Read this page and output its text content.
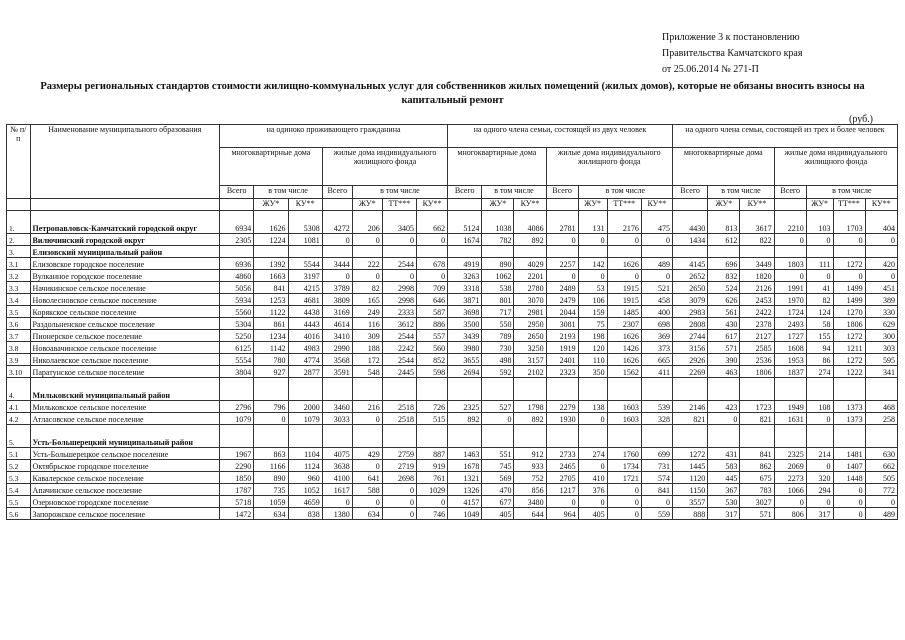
Приложение 3 к постановлению
Правительства Камчатского края
от 25.06.2014 № 271-П
Размеры региональных стандартов стоимости жилищно-коммунальных услуг для собственников жилых помещений (жилых домов), которые не обязаны вносить взносы на капитальный ремонт
(руб.)
№ п/п	Наименование муниципального образования	на одиноко проживающего гражданина							на одного члена семьи, состоящей из двух человек							на одного члена семьи, состоящей из трех и более человек						
		многоквартирные дома			жилые дома индивидуального жилищного фонда				многоквартирные дома			жилые дома индивидуального жилищного фонда				многоквартирные дома			жилые дома индивидуального жилищного фонда			
		Всего	в том числе		Всего	в том числе			Всего	в том числе		Всего	в том числе			Всего	в том числе		Всего	в том числе		
			ЖУ*	КУ**		ЖУ*	ТТ***	КУ**		ЖУ*	КУ**		ЖУ*	ТТ***	КУ**		ЖУ*	КУ**		ЖУ*	ТТ***	КУ**
1.	Петропавловск-Камчатский городской округ	6934	1626	5308	4272	206	3405	662	5124	1038	4086	2781	131	2176	475	4430	813	3617	2210	103	1703	404
2.	Вилючинский городской округ	2305	1224	1081	0	0	0	0	1674	782	892	0	0	0	0	1434	612	822	0	0	0	0
3.	Елизовский муниципальный район																					
3.1	Елизовское городское поселение	6936	1392	5544	3444	222	2544	678	4919	890	4029	2257	142	1626	489	4145	696	3449	1803	111	1272	420
3.2	Вулканное городское поселение	4860	1663	3197	0	0	0	0	3263	1062	2201	0	0	0	0	2652	832	1820	0	0	0	0
3.3	Начикинское сельское поселение	5056	841	4215	3789	82	2998	709	3318	538	2780	2489	53	1915	521	2650	524	2126	1991	41	1499	451
3.4	Новолесновское сельское поселение	5934	1253	4681	3809	165	2998	646	3871	801	3070	2479	106	1915	458	3079	626	2453	1970	82	1499	389
3.5	Корякское сельское поселение	5560	1122	4438	3169	249	2333	587	3698	717	2981	2044	159	1485	400	2983	561	2422	1724	124	1270	330
3.6	Раздольненское сельское поселение	5304	861	4443	4614	116	3612	886	3500	550	2950	3081	75	2307	698	2808	430	2378	2493	58	1806	629
3.7	Пионерское сельское поселение	5250	1234	4016	3410	309	2544	557	3439	789	2650	2193	198	1626	369	2744	617	2127	1727	155	1272	300
3.8	Новоавачинское сельское поселение	6125	1142	4983	2990	188	2242	560	3980	730	3250	1919	120	1426	373	3156	571	2585	1608	94	1211	303
3.9	Николаевское сельское поселение	5554	780	4774	3568	172	2544	852	3655	498	3157	2401	110	1626	665	2926	390	2536	1953	86	1272	595
3.10	Паратунское сельское поселение	3804	927	2877	3591	548	2445	598	2694	592	2102	2323	350	1562	411	2269	463	1806	1837	274	1222	341
4.	Мильковский муниципальный район																					
4.1	Мильковское сельское поселение	2796	796	2000	3460	216	2518	726	2325	527	1798	2279	138	1603	539	2146	423	1723	1949	108	1373	468
4.2	Атласовское сельское поселение	1079	0	1079	3033	0	2518	515	892	0	892	1930	0	1603	328	821	0	821	1631	0	1373	258
5.	Усть-Большерецкий муниципальный район																					
5.1	Усть-Большерецкое сельское поселение	1967	863	1104	4075	429	2759	887	1463	551	912	2733	274	1760	699	1272	431	841	2325	214	1481	630
5.2	Октябрьское городское поселение	2290	1166	1124	3638	0	2719	919	1678	745	933	2465	0	1734	731	1445	583	862	2069	0	1407	662
5.3	Кавалерское сельское поселение	1850	890	960	4100	641	2698	761	1321	569	752	2705	410	1721	574	1120	445	675	2273	320	1448	505
5.4	Апачинское сельское поселение	1787	735	1052	1617	588	0	1029	1326	470	856	1217	376	0	841	1150	367	783	1066	294	0	772
5.5	Озерновское городское поселение	5718	1059	4659	0	0	0	0	4157	677	3480	0	0	0	0	3557	530	3027	0	0	0	0
5.6	Запорожское сельское поселение	1472	634	838	1380	634	0	746	1049	405	644	964	405	0	559	888	317	571	806	317	0	489
